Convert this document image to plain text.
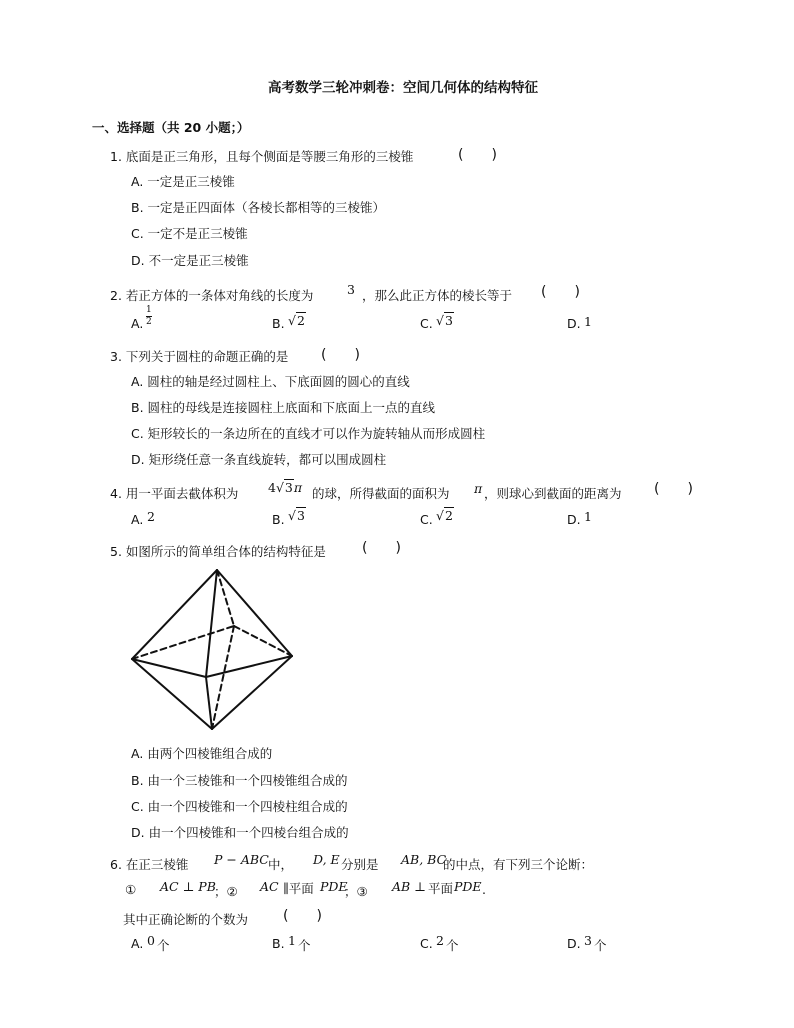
高考数学三轮冲刺卷：空间几何体的结构特征
一、选择题（共 20 小题；）
1. 底面是正三角形，且每个侧面是等腰三角形的三棱锥	(　　)
A. 一定是正三棱锥
B. 一定是正四面体（各棱长都相等的三棱锥）
C. 一定不是正三棱锥
D. 不一定是正三棱锥
2. 若正方体的一条体对角线的长度为	3 ，那么此正方体的棱长等于 (　　)
A.
1
2	B. √2	C. √3	D. 1
3. 下列关于圆柱的命题正确的是 (　　)
A. 圆柱的轴是经过圆柱上、下底面圆的圆心的直线
B. 圆柱的母线是连接圆柱上底面和下底面上一点的直线
C. 矩形较长的一条边所在的直线才可以作为旋转轴从而形成圆柱
D. 矩形绕任意一条直线旋转，都可以围成圆柱
4. 用一平面去截体积为 4√3π 的球，所得截面的面积为 π ，则球心到截面的距离为 (　　)
A. 2	B. √3	C. √2	D. 1
5. 如图所示的简单组合体的结构特征是	(　　)
A. 由两个四棱锥组合成的
B. 由一个三棱锥和一个四棱锥组合成的
C. 由一个四棱锥和一个四棱柱组合成的
D. 由一个四棱锥和一个四棱台组合成的
6. 在正三棱锥 P − ABC 中， D, E 分别是 AB, BC
的中点，有下列三个论断：
① AC ⊥ PB
；② AC ∥平面 PDE
；③ AB ⊥ 平面 PDE .
其中正确论断的个数为 (　　)
A. 0 个	B. 1 个	C. 2 个	D. 3 个
